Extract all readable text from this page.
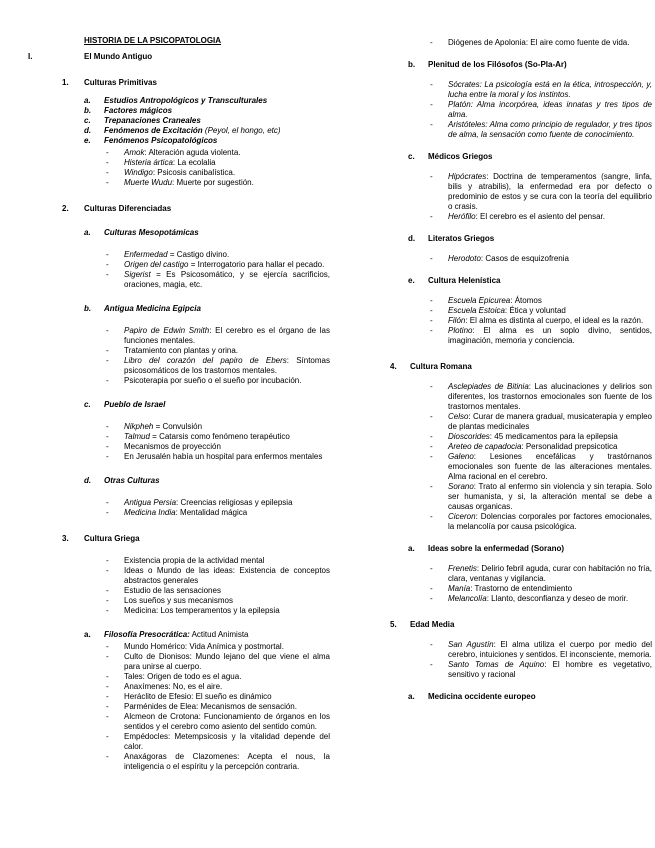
HISTORIA DE LA PSICOPATOLOGIA
I.	El Mundo Antiguo
1. Culturas Primitivas
a. Estudios Antropológicos y Transculturales
b. Factores mágicos
c. Trepanaciones Craneales
d. Fenómenos de Excitación (Peyol, el hongo, etc)
e. Fenómenos Psicopatológicos
- Amok: Alteración aguda violenta.
- Histeria ártica: La ecolalia
- Windigo: Psicosis canibalística.
- Muerte Wudu: Muerte por sugestión.
2. Culturas Diferenciadas
a. Culturas Mesopotámicas
- Enfermedad = Castigo divino.
- Origen del castigo = Interrogatorio para hallar el pecado.
- Sigerist = Es Psicosomático, y se ejercía sacrificios, oraciones, magia, etc.
b. Antigua Medicina Egipcia
- Papiro de Edwin Smith: El cerebro es el órgano de las funciones mentales.
- Tratamiento con plantas y orina.
- Libro del corazón del papiro de Ebers: Síntomas psicosomáticos de los trastornos mentales.
- Psicoterapia por sueño o el sueño por incubación.
c. Pueblo de Israel
- Nikpheh = Convulsión
- Talmud = Catarsis como fenómeno terapéutico
- Mecanismos de proyección
- En Jerusalén había un hospital para enfermos mentales
d. Otras Culturas
- Antigua Persia: Creencias religiosas y epilepsia
- Medicina India: Mentalidad mágica
3. Cultura Griega
- Existencia propia de la actividad mental
- Ideas o Mundo de las ideas: Existencia de conceptos abstractos generales
- Estudio de las sensaciones
- Los sueños y sus mecanismos
- Medicina: Los temperamentos y la epilepsia
a. Filosofía Presocrática: Actitud Animista
- Mundo Homérico: Vida Anímica y postmortal.
- Culto de Dionisos: Mundo lejano del que viene el alma para unirse al cuerpo.
- Tales: Origen de todo es el agua.
- Anaxímenes: No, es el aire.
- Heráclito de Efesio: El sueño es dinámico
- Parménides de Elea: Mecanismos de sensación.
- Alcmeon de Crotona: Funcionamiento de órganos en los sentidos y el cerebro como asiento del sentido común.
- Empédocles: Metempsicosis y la vitalidad depende del calor.
- Anaxágoras de Clazomenes: Acepta el nous, la inteligencia o el espíritu y la percepción contraria.
- Diógenes de Apolonia: El aire como fuente de vida.
b. Plenitud de los Filósofos (So-Pla-Ar)
- Sócrates: La psicología está en la ética, introspección, y, lucha entre la moral y los instintos.
- Platón: Alma incorpórea, ideas innatas y tres tipos de alma.
- Aristóteles: Alma como principio de regulador, y tres tipos de alma, la sensación como fuente de conocimiento.
c. Médicos Griegos
- Hipócrates: Doctrina de temperamentos (sangre, linfa, bilis y atrabilis), la enfermedad era por defecto o predominio de estos y se cura con la teoría del equilibrio o crasis.
- Herófilo: El cerebro es el asiento del pensar.
d. Literatos Griegos
- Herodoto: Casos de esquizofrenia
e. Cultura Helenística
- Escuela Epicurea: Átomos
- Escuela Estoica: Ética y voluntad
- Filón: El alma es distinta al cuerpo, el ideal es la razón.
- Plotino: El alma es un soplo divino, sentidos, imaginación, memoria y conciencia.
4. Cultura Romana
- Asclepiades de Bitinia: Las alucinaciones y delirios son diferentes, los trastornos emocionales son fuente de los trastornos mentales.
- Celso: Curar de manera gradual, musicaterapia y empleo de plantas medicinales
- Dioscorides: 45 medicamentos para la epilepsia
- Areteo de capadocia: Personalidad prepsicotica
- Galeno: Lesiones encefálicas y trastórnanos emocionales son fuente de las alteraciones mentales. Alma racional en el cerebro.
- Sorano: Trato al enfermo sin violencia y sin terapia. Solo ser humanista, y si, la alteración mental se debe a causas organicas.
- Ciceron: Dolencias corporales por factores emocionales, la melancolía por causa psicológica.
a. Ideas sobre la enfermedad (Sorano)
- Frenetis: Delirio febril aguda, curar con habitación no fría, clara, ventanas y vigilancia.
- Manía: Trastorno de entendimiento
- Melancolía: Llanto, desconfianza y deseo de morir.
5. Edad Media
- San Agustín: El alma utiliza el cuerpo por medio del cerebro, intuiciones y sentidos. El inconsciente, memoria.
- Santo Tomas de Aquino: El hombre es vegetativo, sensitivo y racional
a. Medicina occidente europeo
